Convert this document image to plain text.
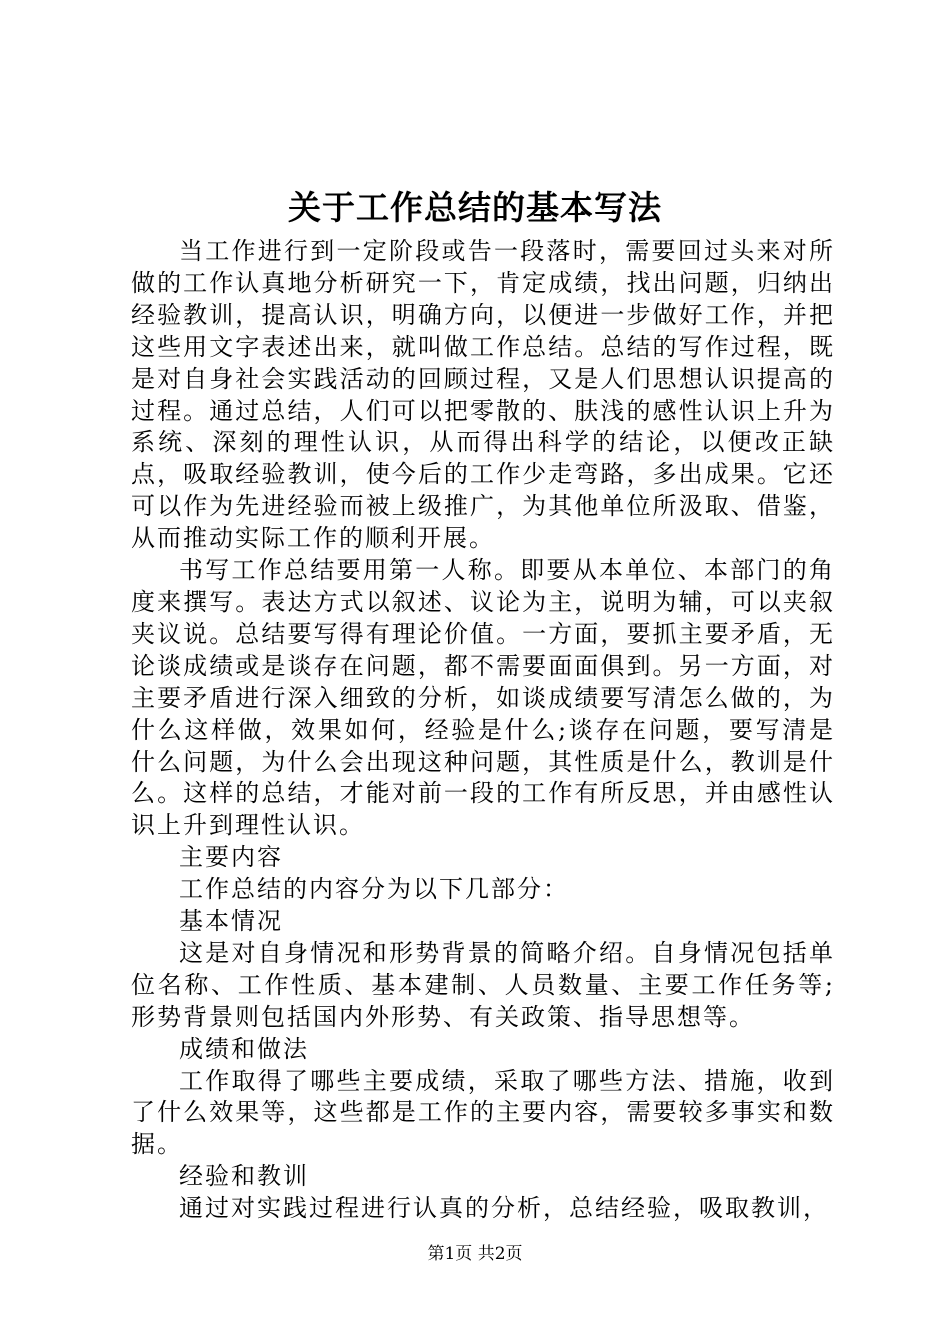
关于工作总结的基本写法

当工作进行到一定阶段或告一段落时，需要回过头来对所做的工作认真地分析研究一下，肯定成绩，找出问题，归纳出经验教训，提高认识，明确方向，以便进一步做好工作，并把这些用文字表述出来，就叫做工作总结。总结的写作过程，既是对自身社会实践活动的回顾过程，又是人们思想认识提高的过程。通过总结，人们可以把零散的、肤浅的感性认识上升为系统、深刻的理性认识，从而得出科学的结论，以便改正缺点，吸取经验教训，使今后的工作少走弯路，多出成果。它还可以作为先进经验而被上级推广，为其他单位所汲取、借鉴，从而推动实际工作的顺利开展。

书写工作总结要用第一人称。即要从本单位、本部门的角度来撰写。表达方式以叙述、议论为主，说明为辅，可以夹叙夹议说。总结要写得有理论价值。一方面，要抓主要矛盾，无论谈成绩或是谈存在问题，都不需要面面俱到。另一方面，对主要矛盾进行深入细致的分析，如谈成绩要写清怎么做的，为什么这样做，效果如何，经验是什么;谈存在问题，要写清是什么问题，为什么会出现这种问题，其性质是什么，教训是什么。这样的总结，才能对前一段的工作有所反思，并由感性认识上升到理性认识。

主要内容

工作总结的内容分为以下几部分：

基本情况

这是对自身情况和形势背景的简略介绍。自身情况包括单位名称、工作性质、基本建制、人员数量、主要工作任务等;形势背景则包括国内外形势、有关政策、指导思想等。

成绩和做法

工作取得了哪些主要成绩，采取了哪些方法、措施，收到了什么效果等，这些都是工作的主要内容，需要较多事实和数据。

经验和教训

通过对实践过程进行认真的分析，总结经验，吸取教训，

第1页 共2页
